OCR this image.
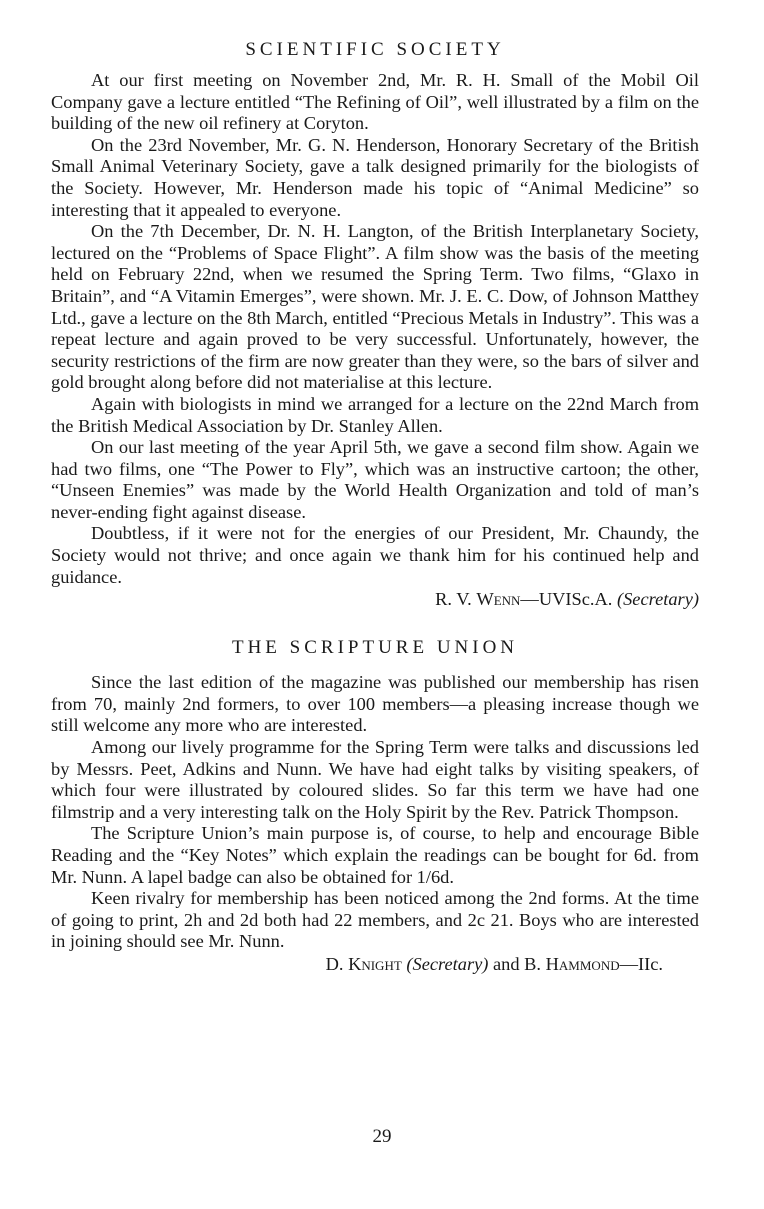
SCIENTIFIC SOCIETY

At our first meeting on November 2nd, Mr. R. H. Small of the Mobil Oil Company gave a lecture entitled “The Refining of Oil”, well illustrated by a film on the building of the new oil refinery at Coryton.

On the 23rd November, Mr. G. N. Henderson, Honorary Secretary of the British Small Animal Veterinary Society, gave a talk designed primarily for the biologists of the Society. However, Mr. Henderson made his topic of “Animal Medicine” so interesting that it appealed to everyone.

On the 7th December, Dr. N. H. Langton, of the British Interplanetary Society, lectured on the “Problems of Space Flight”. A film show was the basis of the meeting held on February 22nd, when we resumed the Spring Term. Two films, “Glaxo in Britain”, and “A Vitamin Emerges”, were shown. Mr. J. E. C. Dow, of Johnson Matthey Ltd., gave a lecture on the 8th March, entitled “Precious Metals in Industry”. This was a repeat lecture and again proved to be very successful. Unfortunately, however, the security restrictions of the firm are now greater than they were, so the bars of silver and gold brought along before did not materialise at this lecture.

Again with biologists in mind we arranged for a lecture on the 22nd March from the British Medical Association by Dr. Stanley Allen.

On our last meeting of the year April 5th, we gave a second film show. Again we had two films, one “The Power to Fly”, which was an instructive cartoon; the other, “Unseen Enemies” was made by the World Health Organization and told of man’s never-ending fight against disease.

Doubtless, if it were not for the energies of our President, Mr. Chaundy, the Society would not thrive; and once again we thank him for his continued help and guidance.

R. V. Wenn—UVISc.A. (Secretary)

THE SCRIPTURE UNION

Since the last edition of the magazine was published our membership has risen from 70, mainly 2nd formers, to over 100 members—a pleasing increase though we still welcome any more who are interested.

Among our lively programme for the Spring Term were talks and discussions led by Messrs. Peet, Adkins and Nunn. We have had eight talks by visiting speakers, of which four were illustrated by coloured slides. So far this term we have had one filmstrip and a very interesting talk on the Holy Spirit by the Rev. Patrick Thompson.

The Scripture Union’s main purpose is, of course, to help and encourage Bible Reading and the “Key Notes” which explain the readings can be bought for 6d. from Mr. Nunn. A lapel badge can also be obtained for 1/6d.

Keen rivalry for membership has been noticed among the 2nd forms. At the time of going to print, 2h and 2d both had 22 members, and 2c 21. Boys who are interested in joining should see Mr. Nunn.

D. Knight (Secretary) and B. Hammond—IIc.

29
